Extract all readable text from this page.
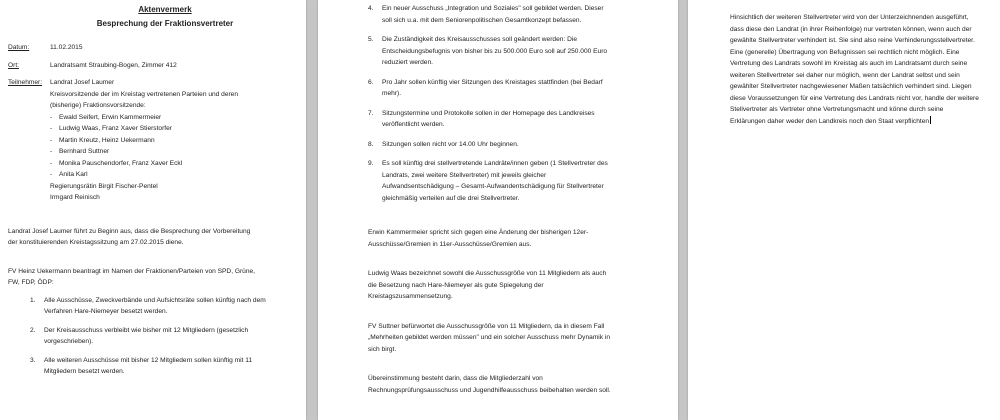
Aktenvermerk
Besprechung der Fraktionsvertreter
Datum:	11.02.2015
Ort:	Landratsamt Straubing-Bogen, Zimmer 412
Teilnehmer:	Landrat Josef Laumer
Kreisvorsitzende der im Kreistag vertretenen Parteien und deren
(bisherige) Fraktionsvorsitzende:
-	Ewald Seifert, Erwin Kammermeier
-	Ludwig Waas, Franz Xaver Stierstorfer
-	Martin Kreutz, Heinz Uekermann
-	Bernhard Suttner
-	Monika Pauschendorfer, Franz Xaver Eckl
-	Anita Karl
Regierungsrätin Birgit Fischer-Pentel
Irmgard Reinisch
Landrat Josef Laumer führt zu Beginn aus, dass die Besprechung der Vorbereitung
der konstituierenden Kreistagssitzung am 27.02.2015 diene.
FV Heinz Uekermann beantragt im Namen der Fraktionen/Parteien von SPD, Grüne,
FW, FDP, ÖDP:
1.	Alle Ausschüsse, Zweckverbände und Aufsichtsräte sollen künftig nach dem
Verfahren Hare-Niemeyer besetzt werden.
2.	Der Kreisausschuss verbleibt wie bisher mit 12 Mitgliedern (gesetzlich
vorgeschrieben).
3.	Alle weiteren Ausschüsse mit bisher 12 Mitgliedern sollen künftig mit 11
Mitgliedern besetzt werden.
4.	Ein neuer Ausschuss „Integration und Soziales" soll gebildet werden. Dieser
soll sich u.a. mit dem Seniorenpolitischen Gesamtkonzept befassen.
5.	Die Zuständigkeit des Kreisausschusses soll geändert werden: Die
Entscheidungsbefugnis von bisher bis zu 500.000 Euro soll auf 250.000 Euro
reduziert werden.
6.	Pro Jahr sollen künftig vier Sitzungen des Kreistages stattfinden (bei Bedarf
mehr).
7.	Sitzungstermine und Protokolle sollen in der Homepage des Landkreises
veröffentlicht werden.
8.	Sitzungen sollen nicht vor 14.00 Uhr beginnen.
9.	Es soll künftig drei stellvertretende Landräte/innen geben (1 Stellvertreter des
Landrats, zwei weitere Stellvertreter) mit jeweils gleicher
Aufwandsentschädigung – Gesamt-Aufwandentschädigung für Stellvertreter
gleichmäßig verteilen auf die drei Stellvertreter.
Erwin Kammermeier spricht sich gegen eine Änderung der bisherigen 12er-
Ausschüsse/Gremien in 11er-Ausschüsse/Gremien aus.
Ludwig Waas bezeichnet sowohl die Ausschussgröße von 11 Mitgliedern als auch
die Besetzung nach Hare-Niemeyer als gute Spiegelung der
Kreistagszusammensetzung.
FV Suttner befürwortet die Ausschussgröße von 11 Mitgliedern, da in diesem Fall
„Mehrheiten gebildet werden müssen" und ein solcher Ausschuss mehr Dynamik in
sich birgt.
Übereinstimmung besteht darin, dass die Mitgliederzahl von
Rechnungsprüfungsausschuss und Jugendhilfeausschuss beibehalten werden soll.
Hinsichtlich der weiteren Stellvertreter wird von der Unterzeichnenden ausgeführt,
dass diese den Landrat (in ihrer Reihenfolge) nur vertreten können, wenn auch der
gewählte Stellvertreter verhindert ist. Sie sind also reine Verhinderungsstellvertreter.
Eine (generelle) Übertragung von Befugnissen sei rechtlich nicht möglich. Eine
Vertretung des Landrats sowohl im Kreistag als auch im Landratsamt durch seine
weiteren Stellvertreter sei daher nur möglich, wenn der Landrat selbst und sein
gewählter Stellvertreter nachgewiesener Maßen tatsächlich verhindert sind. Liegen
diese Voraussetzungen für eine Vertretung des Landrats nicht vor, handle der weitere
Stellvertreter als Vertreter ohne Vertretungsmacht und könne durch seine
Erklärungen daher weder den Landkreis noch den Staat verpflichten
